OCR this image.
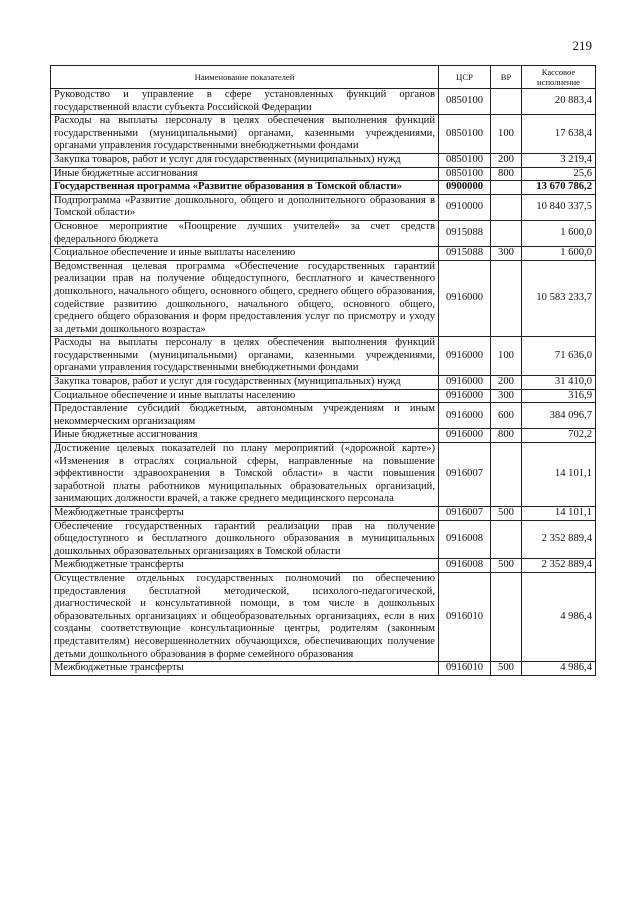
219
Наименование показателей	ЦСР	ВР	Кассовое исполнение
Руководство и управление в сфере установленных функций органов государственной власти субъекта Российской Федерации	0850100		20 883,4
Расходы на выплаты персоналу в целях обеспечения выполнения функций государственными (муниципальными) органами, казенными учреждениями, органами управления государственными внебюджетными фондами	0850100	100	17 638,4
Закупка товаров, работ и услуг для государственных (муниципальных) нужд	0850100	200	3 219,4
Иные бюджетные ассигнования	0850100	800	25,6
Государственная программа «Развитие образования в Томской области»	0900000		13 670 786,2
Подпрограмма «Развитие дошкольного, общего и дополнительного образования в Томской области»	0910000		10 840 337,5
Основное мероприятие «Поощрение лучших учителей» за счет средств федерального бюджета	0915088		1 600,0
Социальное обеспечение и иные выплаты населению	0915088	300	1 600,0
Ведомственная целевая программа «Обеспечение государственных гарантий реализации прав на получение общедоступного, бесплатного и качественного дошкольного, начального общего, основного общего, среднего общего образования, содействие развитию дошкольного, начального общего, основного общего, среднего общего образования и форм предоставления услуг по присмотру и уходу за детьми дошкольного возраста»	0916000		10 583 233,7
Расходы на выплаты персоналу в целях обеспечения выполнения функций государственными (муниципальными) органами, казенными учреждениями, органами управления государственными внебюджетными фондами	0916000	100	71 636,0
Закупка товаров, работ и услуг для государственных (муниципальных) нужд	0916000	200	31 410,0
Социальное обеспечение и иные выплаты населению	0916000	300	316,9
Предоставление субсидий бюджетным, автономным учреждениям и иным некоммерческим организациям	0916000	600	384 096,7
Иные бюджетные ассигнования	0916000	800	702,2
Достижение целевых показателей по плану мероприятий («дорожной карте») «Изменения в отраслях социальной сферы, направленные на повышение эффективности здравоохранения в Томской области» в части повышения заработной платы работников муниципальных образовательных организаций, занимающих должности врачей, а также среднего медицинского персонала	0916007		14 101,1
Межбюджетные трансферты	0916007	500	14 101,1
Обеспечение государственных гарантий реализации прав на получение общедоступного и бесплатного дошкольного образования в муниципальных дошкольных образовательных организациях в Томской области	0916008		2 352 889,4
Межбюджетные трансферты	0916008	500	2 352 889,4
Осуществление отдельных государственных полномочий по обеспечению предоставления бесплатной методической, психолого-педагогической, диагностической и консультативной помощи, в том числе в дошкольных образовательных организациях и общеобразовательных организациях, если в них созданы соответствующие консультационные центры, родителям (законным представителям) несовершеннолетних обучающихся, обеспечивающих получение детьми дошкольного образования в форме семейного образования	0916010		4 986,4
Межбюджетные трансферты	0916010	500	4 986,4
